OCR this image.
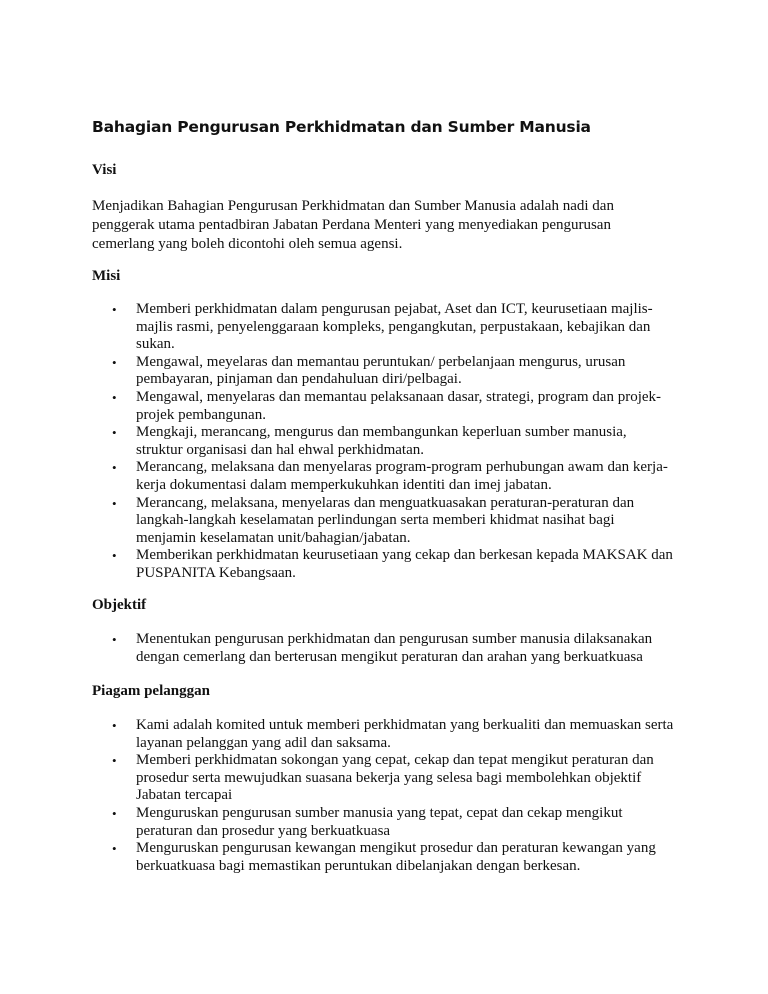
Bahagian Pengurusan Perkhidmatan dan Sumber Manusia
Visi
Menjadikan Bahagian Pengurusan Perkhidmatan dan Sumber Manusia adalah nadi dan
penggerak utama pentadbiran Jabatan Perdana Menteri yang menyediakan pengurusan
cemerlang yang boleh dicontohi oleh semua agensi.
Misi
• Memberi perkhidmatan dalam pengurusan pejabat, Aset dan ICT, keurusetiaan majlis-
majlis rasmi, penyelenggaraan kompleks, pengangkutan, perpustakaan, kebajikan dan
sukan.
• Mengawal, meyelaras dan memantau peruntukan/ perbelanjaan mengurus, urusan
pembayaran, pinjaman dan pendahuluan diri/pelbagai.
• Mengawal, menyelaras dan memantau pelaksanaan dasar, strategi, program dan projek-
projek pembangunan.
• Mengkaji, merancang, mengurus dan membangunkan keperluan sumber manusia,
struktur organisasi dan hal ehwal perkhidmatan.
• Merancang, melaksana dan menyelaras program-program perhubungan awam dan kerja-
kerja dokumentasi dalam memperkukuhkan identiti dan imej jabatan.
• Merancang, melaksana, menyelaras dan menguatkuasakan peraturan-peraturan dan
langkah-langkah keselamatan perlindungan serta memberi khidmat nasihat bagi
menjamin keselamatan unit/bahagian/jabatan.
• Memberikan perkhidmatan keurusetiaan yang cekap dan berkesan kepada MAKSAK dan
PUSPANITA Kebangsaan.
Objektif
• Menentukan pengurusan perkhidmatan dan pengurusan sumber manusia dilaksanakan
dengan cemerlang dan berterusan mengikut peraturan dan arahan yang berkuatkuasa
Piagam pelanggan
• Kami adalah komited untuk memberi perkhidmatan yang berkualiti dan memuaskan serta
layanan pelanggan yang adil dan saksama.
• Memberi perkhidmatan sokongan yang cepat, cekap dan tepat mengikut peraturan dan
prosedur serta mewujudkan suasana bekerja yang selesa bagi membolehkan objektif
Jabatan tercapai
• Menguruskan pengurusan sumber manusia yang tepat, cepat dan cekap mengikut
peraturan dan prosedur yang berkuatkuasa
• Menguruskan pengurusan kewangan mengikut prosedur dan peraturan kewangan yang
berkuatkuasa bagi memastikan peruntukan dibelanjakan dengan berkesan.
